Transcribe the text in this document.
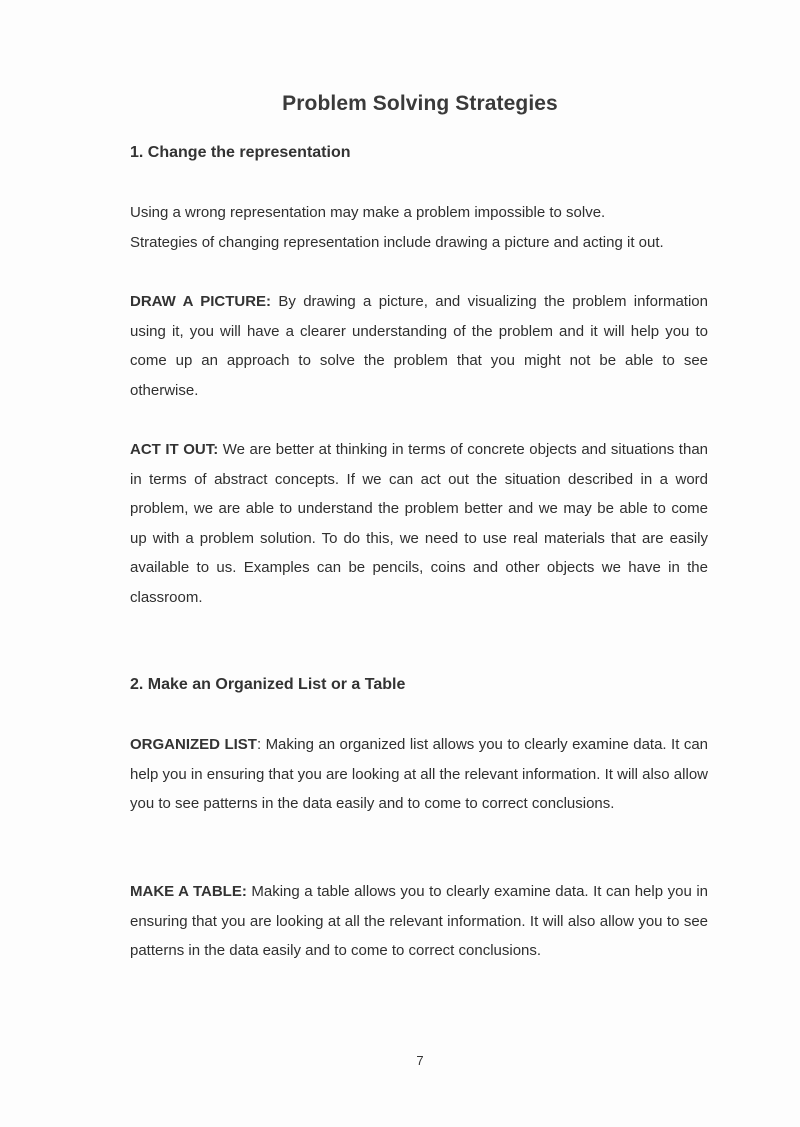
Problem Solving Strategies
1. Change the representation

Using a wrong representation may make a problem impossible to solve.
Strategies of changing representation include drawing a picture and acting it out.

DRAW A PICTURE: By drawing a picture, and visualizing the problem information using it, you will have a clearer understanding of the problem and it will help you to come up an approach to solve the problem that you might not be able to see otherwise.

ACT IT OUT: We are better at thinking in terms of concrete objects and situations than in terms of abstract concepts. If we can act out the situation described in a word problem, we are able to understand the problem better and we may be able to come up with a problem solution. To do this, we need to use real materials that are easily available to us. Examples can be pencils, coins and other objects we have in the classroom.

2. Make an Organized List or a Table

ORGANIZED LIST: Making an organized list allows you to clearly examine data. It can help you in ensuring that you are looking at all the relevant information. It will also allow you to see patterns in the data easily and to come to correct conclusions.

MAKE A TABLE: Making a table allows you to clearly examine data. It can help you in ensuring that you are looking at all the relevant information. It will also allow you to see patterns in the data easily and to come to correct conclusions.

7
